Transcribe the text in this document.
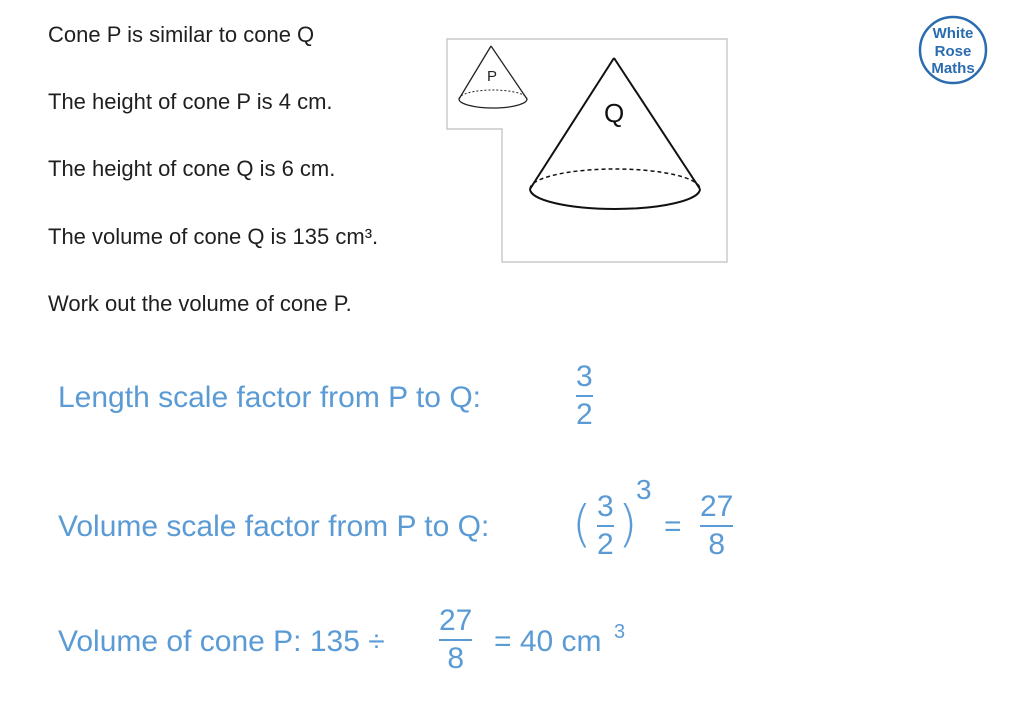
Cone P is similar to cone Q

The height of cone P is 4 cm.

The height of cone Q is 6 cm.

The volume of cone Q is 135 cm³.

Work out the volume of cone P.

P
Q
White
Rose
Maths

Length scale factor from P to Q:

3
2

Volume scale factor from P to Q: ( 3
2 )
3
=
27
8

Volume of cone P: 135 ÷

27
8
= 40 cm 3
